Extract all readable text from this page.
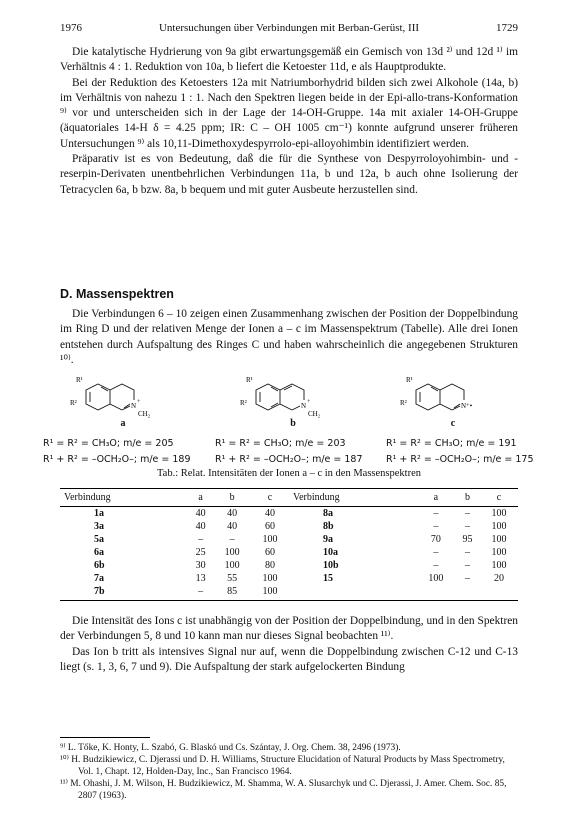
1976	Untersuchungen über Verbindungen mit Berban-Gerüst, III	1729

Die katalytische Hydrierung von 9a gibt erwartungsgemäß ein Gemisch von 13d ²⁾ und 12d ¹⁾ im Verhältnis 4 : 1. Reduktion von 10a, b liefert die Ketoester 11d, e als Hauptprodukte.

Bei der Reduktion des Ketoesters 12a mit Natriumborhydrid bilden sich zwei Alkohole (14a, b) im Verhältnis von nahezu 1 : 1. Nach den Spektren liegen beide in der Epi-allo-trans-Konformation ⁹⁾ vor und unterscheiden sich in der Lage der 14-OH-Gruppe. 14a mit axialer 14-OH-Gruppe (äquatoriales 14-H δ = 4.25 ppm; IR: C – OH 1005 cm⁻¹) konnte aufgrund unserer früheren Untersuchungen ⁹⁾ als 10,11-Dimethoxydespyrrolo-epi-alloyohimbin identifiziert werden.

Präparativ ist es von Bedeutung, daß die für die Synthese von Despyrroloyohimbin- und -reserpin-Derivaten unentbehrlichen Verbindungen 11a, b und 12a, b auch ohne Isolierung der Tetracyclen 6a, b bzw. 8a, b bequem und mit guter Ausbeute herzustellen sind.

D. Massenspektren

Die Verbindungen 6 – 10 zeigen einen Zusammenhang zwischen der Position der Doppelbindung im Ring D und der relativen Menge der Ionen a – c im Massenspektrum (Tabelle). Alle drei Ionen entstehen durch Aufspaltung des Ringes C und haben wahrscheinlich die angegebenen Strukturen ¹⁰⁾.

R¹
R²	N +
CH₂
a
R¹
R²	N +
CH₂
b
R¹
R²	N⁺•
c
R¹ = R² = CH₃O; m/e = 205
R¹ + R² = –OCH₂O–; m/e = 189
R¹ = R² = CH₃O; m/e = 203
R¹ + R² = –OCH₂O–; m/e = 187
R¹ = R² = CH₃O; m/e = 191
R¹ + R² = –OCH₂O–; m/e = 175
Tab.: Relat. Intensitäten der Ionen a – c in den Massenspektren
Verbindung	a	b	c	Verbindung	a	b	c
1a	40	40	40	8a	–	–	100
3a	40	40	60	8b	–	–	100
5a	–	–	100	9a	70	95	100
6a	25	100	60	10a	–	–	100
6b	30	100	80	10b	–	–	100
7a	13	55	100	15	100	–	20
7b	–	85	100				

Die Intensität des Ions c ist unabhängig von der Position der Doppelbindung, und in den Spektren der Verbindungen 5, 8 und 10 kann man nur dieses Signal beobachten ¹¹⁾.

Das Ion b tritt als intensives Signal nur auf, wenn die Doppelbindung zwischen C-12 und C-13 liegt (s. 1, 3, 6, 7 und 9). Die Aufspaltung der stark aufgelockerten Bindung

⁹⁾ L. Tőke, K. Honty, L. Szabó, G. Blaskó und Cs. Szántay, J. Org. Chem. 38, 2496 (1973).
¹⁰⁾ H. Budzikiewicz, C. Djerassi und D. H. Williams, Structure Elucidation of Natural Products by Mass Spectrometry, Vol. 1, Chapt. 12, Holden-Day, Inc., San Francisco 1964.
¹¹⁾ M. Ohashi, J. M. Wilson, H. Budzikiewicz, M. Shamma, W. A. Slusarchyk und C. Djerassi, J. Amer. Chem. Soc. 85, 2807 (1963).
